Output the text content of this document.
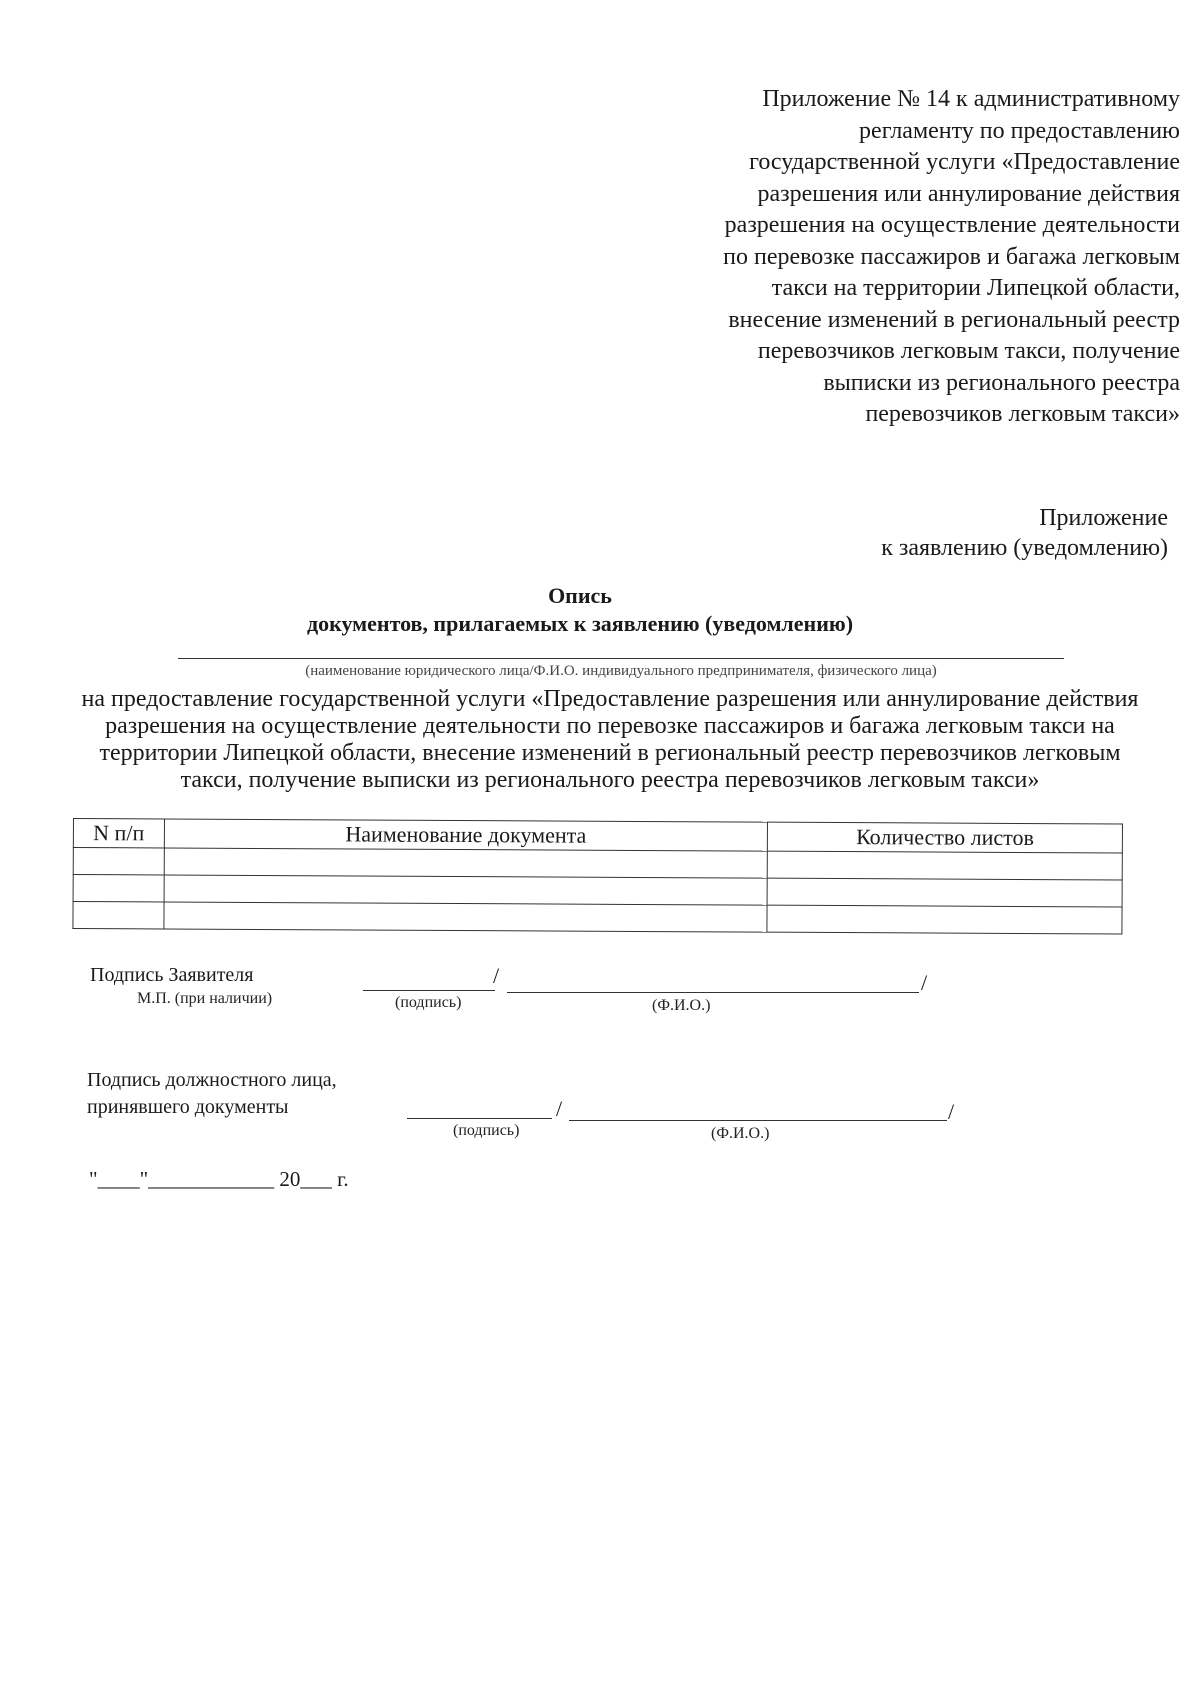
Приложение № 14 к административному
регламенту по предоставлению
государственной услуги «Предоставление
разрешения или аннулирование действия
разрешения на осуществление деятельности
по перевозке пассажиров и багажа легковым
такси на территории Липецкой области,
внесение изменений в региональный реестр
перевозчиков легковым такси, получение
выписки из регионального реестра
перевозчиков легковым такси»
Приложение
к заявлению (уведомлению)
Опись
документов, прилагаемых к заявлению (уведомлению)
(наименование юридического лица/Ф.И.О. индивидуального предпринимателя, физического лица)
на предоставление государственной услуги «Предоставление разрешения или аннулирование действия
разрешения на осуществление деятельности по перевозке пассажиров и багажа легковым такси на
территории Липецкой области, внесение изменений в региональный реестр перевозчиков легковым
такси, получение выписки из регионального реестра перевозчиков легковым такси»
N п/п	Наименование документа	Количество листов

Подпись Заявителя
М.П. (при наличии)
/	/
(подпись)	(Ф.И.О.)
Подпись должностного лица,
принявшего документы	/	/
(подпись)	(Ф.И.О.)
"____"____________ 20___ г.
